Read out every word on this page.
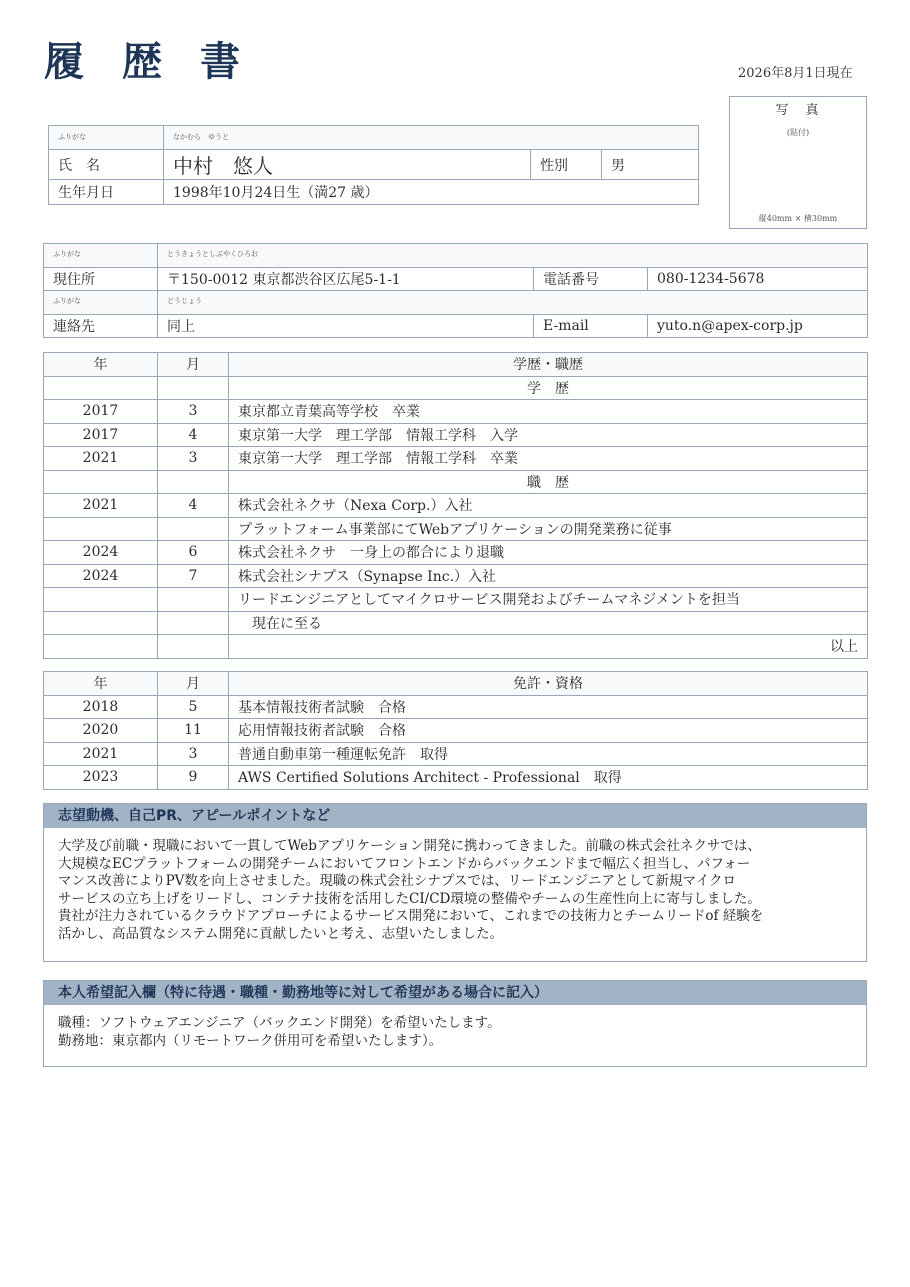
履歴書	2026年8月1日現在
写　真
(貼付)
縦40mm × 横30mm
ふりがな	なかむら　ゆうと		
氏　名	中村　悠人	性別	男
生年月日	1998年10月24日生（満27 歳）		
ふりがな	とうきょうとしぶやくひろお		
現住所	〒150-0012 東京都渋谷区広尾5-1-1	電話番号	080-1234-5678
ふりがな	どうじょう		
連絡先	同上	E-mail	yuto.n@apex-corp.jp
年	月	学歴・職歴
		学　歴
2017	3	東京都立青葉高等学校　卒業
2017	4	東京第一大学　理工学部　情報工学科　入学
2021	3	東京第一大学　理工学部　情報工学科　卒業
		職　歴
2021	4	株式会社ネクサ（Nexa Corp.）入社
		プラットフォーム事業部にてWebアプリケーションの開発業務に従事
2024	6	株式会社ネクサ　一身上の都合により退職
2024	7	株式会社シナプス（Synapse Inc.）入社
		リードエンジニアとしてマイクロサービス開発およびチームマネジメントを担当
		　現在に至る
		以上
年	月	免許・資格
2018	5	基本情報技術者試験　合格
2020	11	応用情報技術者試験　合格
2021	3	普通自動車第一種運転免許　取得
2023	9	AWS Certified Solutions Architect - Professional　取得
志望動機、自己PR、アピールポイントなど
大学及び前職・現職において一貫してWebアプリケーション開発に携わってきました。前職の株式会社ネクサでは、
大規模なECプラットフォームの開発チームにおいてフロントエンドからバックエンドまで幅広く担当し、パフォー
マンス改善によりPV数を向上させました。現職の株式会社シナプスでは、リードエンジニアとして新規マイクロ
サービスの立ち上げをリードし、コンテナ技術を活用したCI/CD環境の整備やチームの生産性向上に寄与しました。
貴社が注力されているクラウドアプローチによるサービス開発において、これまでの技術力とチームリードof 経験を
活かし、高品質なシステム開発に貢献したいと考え、志望いたしました。
本人希望記入欄（特に待遇・職種・勤務地等に対して希望がある場合に記入）
職種：ソフトウェアエンジニア（バックエンド開発）を希望いたします。
勤務地：東京都内（リモートワーク併用可を希望いたします）。
